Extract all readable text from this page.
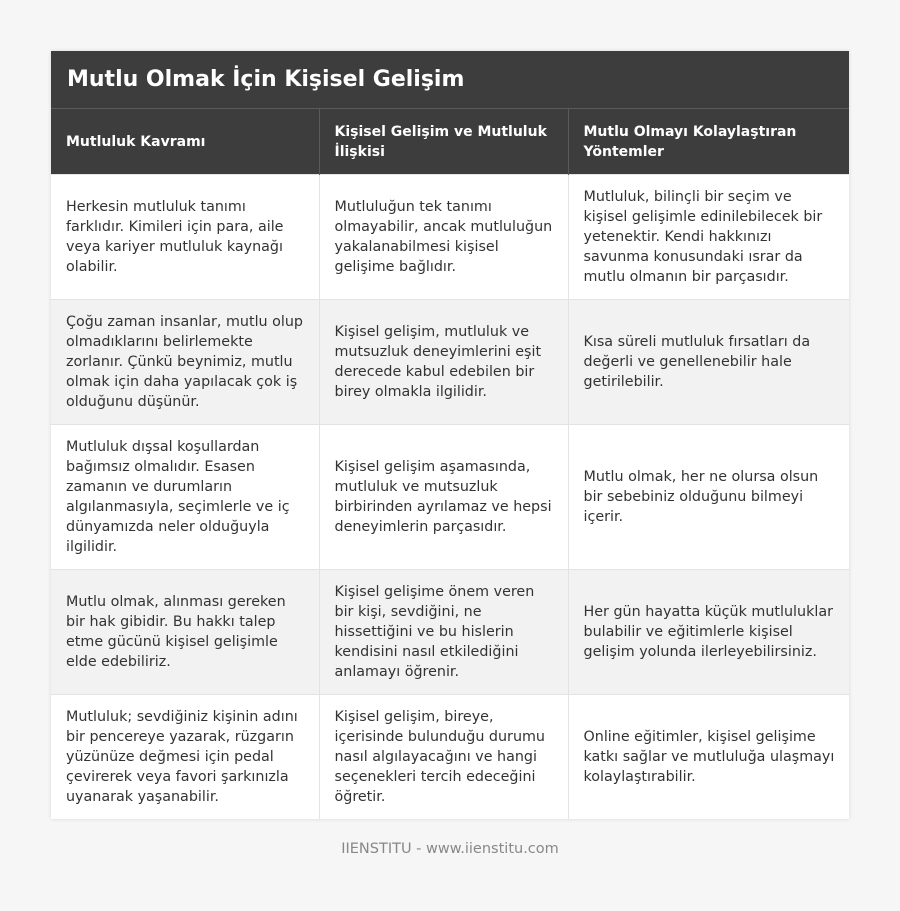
Mutlu Olmak İçin Kişisel Gelişim
Mutluluk Kavramı	Kişisel Gelişim ve Mutluluk İlişkisi	Mutlu Olmayı Kolaylaştıran Yöntemler
Herkesin mutluluk tanımı farklıdır. Kimileri için para, aile veya kariyer mutluluk kaynağı olabilir.	Mutluluğun tek tanımı olmayabilir, ancak mutluluğun yakalanabilmesi kişisel gelişime bağlıdır.	Mutluluk, bilinçli bir seçim ve kişisel gelişimle edinilebilecek bir yetenektir. Kendi hakkınızı savunma konusundaki ısrar da mutlu olmanın bir parçasıdır.
Çoğu zaman insanlar, mutlu olup olmadıklarını belirlemekte zorlanır. Çünkü beynimiz, mutlu olmak için daha yapılacak çok iş olduğunu düşünür.	Kişisel gelişim, mutluluk ve mutsuzluk deneyimlerini eşit derecede kabul edebilen bir birey olmakla ilgilidir.	Kısa süreli mutluluk fırsatları da değerli ve genellenebilir hale getirilebilir.
Mutluluk dışsal koşullardan bağımsız olmalıdır. Esasen zamanın ve durumların algılanmasıyla, seçimlerle ve iç dünyamızda neler olduğuyla ilgilidir.	Kişisel gelişim aşamasında, mutluluk ve mutsuzluk birbirinden ayrılamaz ve hepsi deneyimlerin parçasıdır.	Mutlu olmak, her ne olursa olsun bir sebebiniz olduğunu bilmeyi içerir.
Mutlu olmak, alınması gereken bir hak gibidir. Bu hakkı talep etme gücünü kişisel gelişimle elde edebiliriz.	Kişisel gelişime önem veren bir kişi, sevdiğini, ne hissettiğini ve bu hislerin kendisini nasıl etkilediğini anlamayı öğrenir.	Her gün hayatta küçük mutluluklar bulabilir ve eğitimlerle kişisel gelişim yolunda ilerleyebilirsiniz.
Mutluluk; sevdiğiniz kişinin adını bir pencereye yazarak, rüzgarın yüzünüze değmesi için pedal çevirerek veya favori şarkınızla uyanarak yaşanabilir.	Kişisel gelişim, bireye, içerisinde bulunduğu durumu nasıl algılayacağını ve hangi seçenekleri tercih edeceğini öğretir.	Online eğitimler, kişisel gelişime katkı sağlar ve mutluluğa ulaşmayı kolaylaştırabilir.
IIENSTITU - www.iienstitu.com
